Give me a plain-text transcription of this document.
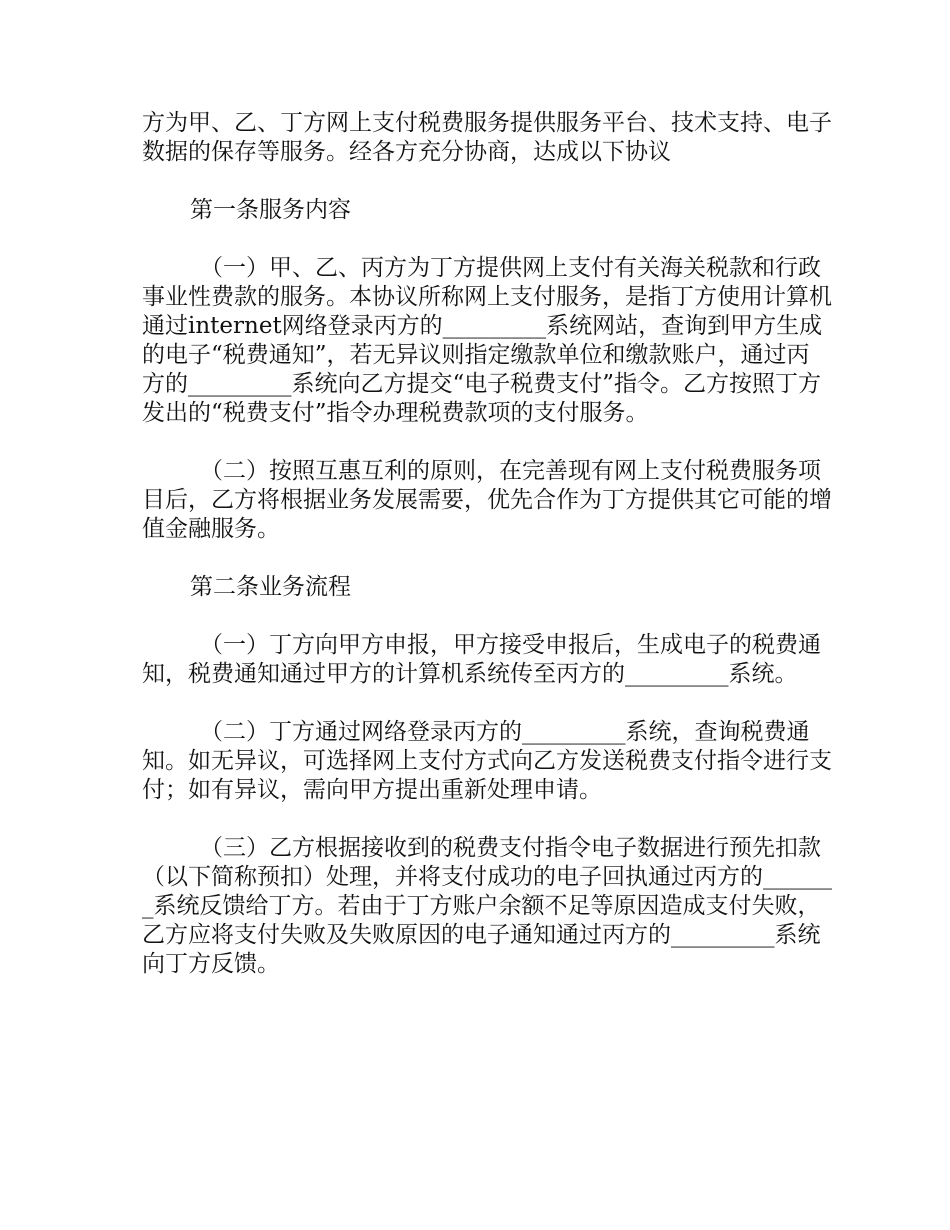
方为甲、乙、丁方网上支付税费服务提供服务平台、技术支持、电子数据的保存等服务。经各方充分协商，达成以下协议

第一条服务内容

（一）甲、乙、丙方为丁方提供网上支付有关海关税款和行政事业性费款的服务。本协议所称网上支付服务，是指丁方使用计算机通过internet网络登录丙方的_________系统网站，查询到甲方生成的电子“税费通知”，若无异议则指定缴款单位和缴款账户，通过丙方的_________系统向乙方提交“电子税费支付”指令。乙方按照丁方发出的“税费支付”指令办理税费款项的支付服务。

（二）按照互惠互利的原则，在完善现有网上支付税费服务项目后，乙方将根据业务发展需要，优先合作为丁方提供其它可能的增值金融服务。

第二条业务流程

（一）丁方向甲方申报，甲方接受申报后，生成电子的税费通知，税费通知通过甲方的计算机系统传至丙方的_________系统。

（二）丁方通过网络登录丙方的_________系统，查询税费通知。如无异议，可选择网上支付方式向乙方发送税费支付指令进行支付；如有异议，需向甲方提出重新处理申请。

（三）乙方根据接收到的税费支付指令电子数据进行预先扣款（以下简称预扣）处理，并将支付成功的电子回执通过丙方的_______系统反馈给丁方。若由于丁方账户余额不足等原因造成支付失败，乙方应将支付失败及失败原因的电子通知通过丙方的_________系统向丁方反馈。
